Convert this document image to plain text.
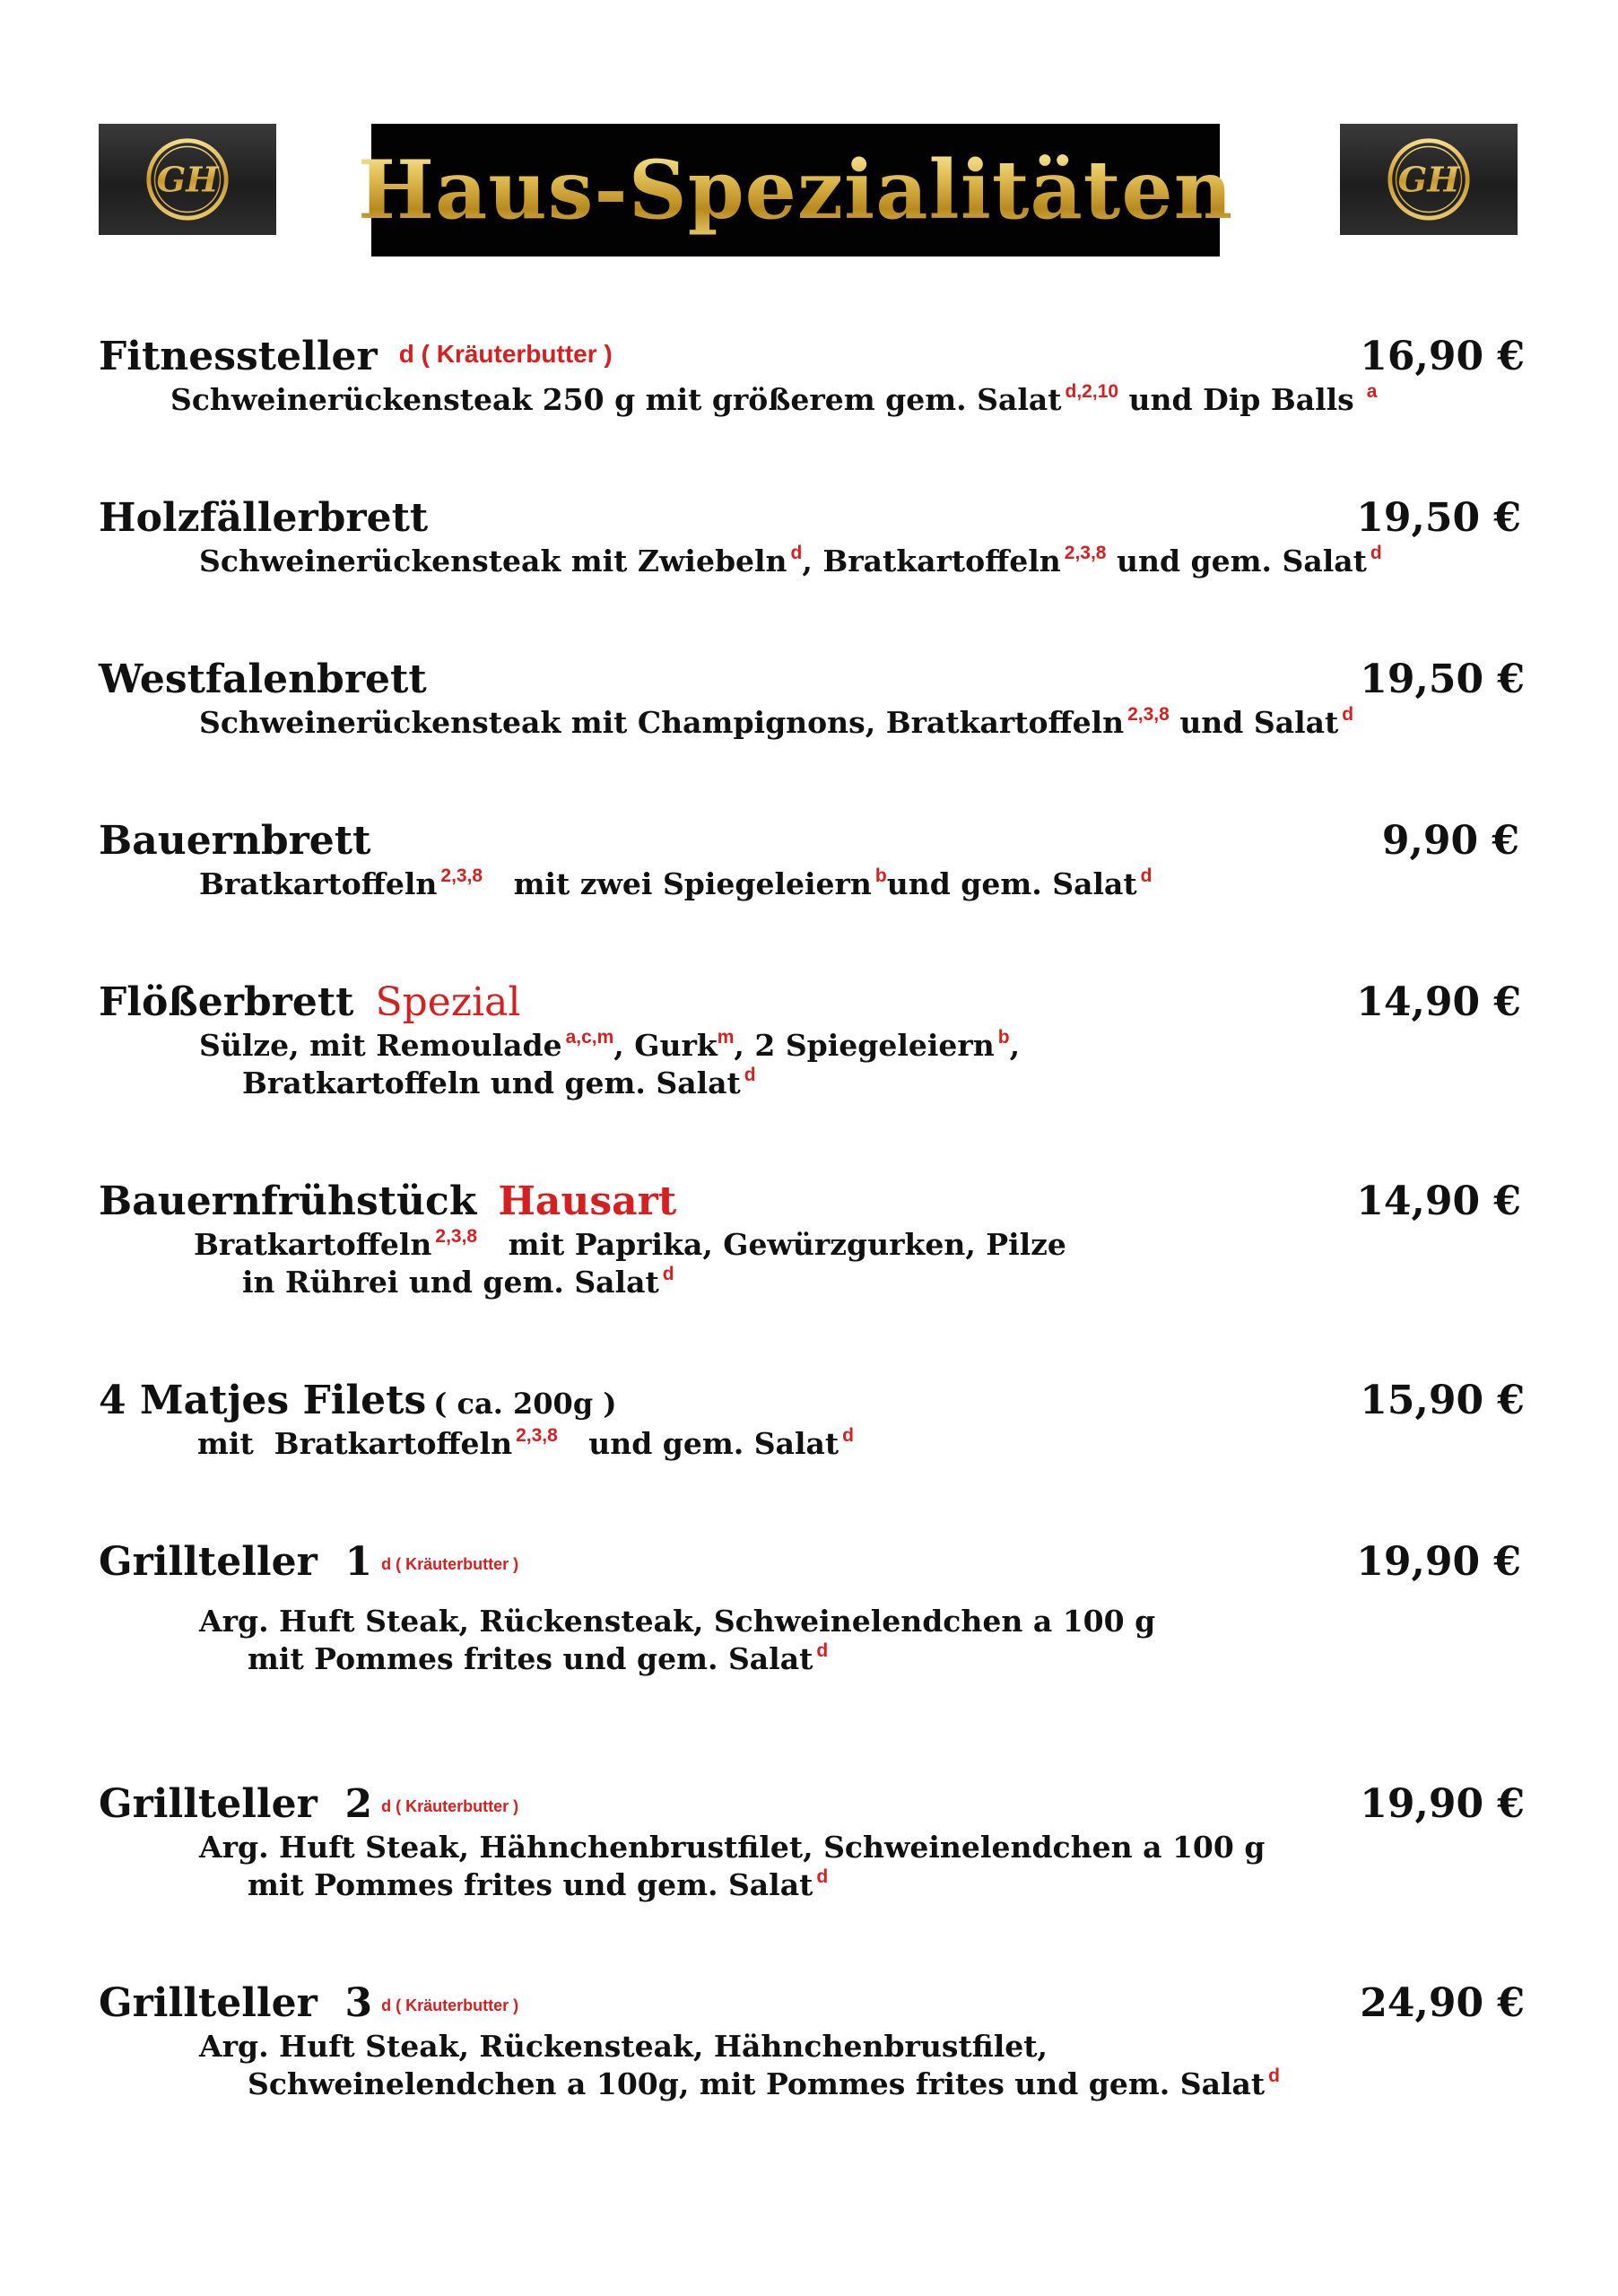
GH Haus-Spezialitäten	GH
Fitnessteller d ( Kräuterbutter )	16,90 €
Schweinerückensteak 250 g mit größerem gem. Salat $^{d,2,10}$ und Dip Balls $^a$
Holzfällerbrett	19,50 €
Schweinerückensteak mit Zwiebeln $^d$, Bratkartoffeln $^{2,3,8}$ und gem. Salat $^d$
Westfalenbrett	19,50 €
Schweinerückensteak mit Champignons, Bratkartoffeln $^{2,3,8}$ und Salat $^d$
Bauernbrett	9,90 €
Bratkartoffeln $^{2,3,8}$   mit zwei Spiegeleiern $^b$und gem. Salat $^d$
Flößerbrett Spezial	14,90 €
Sülze, mit Remoulade $^{a,c,m}$, Gurk$^m$, 2 Spiegeleiern $^b$,
Bratkartoffeln und gem. Salat $^d$
Bauernfrühstück Hausart	14,90 €
Bratkartoffeln $^{2,3,8}$   mit Paprika, Gewürzgurken, Pilze
in Rührei und gem. Salat $^d$
4 Matjes Filets ( ca. 200g )	15,90 €
mit  Bratkartoffeln $^{2,3,8}$   und gem. Salat $^d$
Grillteller  1 d ( Kräuterbutter )	19,90 €
Arg. Huft Steak, Rückensteak, Schweinelendchen a 100 g
mit Pommes frites und gem. Salat $^d$
Grillteller  2 d ( Kräuterbutter )	19,90 €
Arg. Huft Steak, Hähnchenbrustfilet, Schweinelendchen a 100 g
mit Pommes frites und gem. Salat $^d$
Grillteller  3 d ( Kräuterbutter )	24,90 €
Arg. Huft Steak, Rückensteak, Hähnchenbrustfilet,
Schweinelendchen a 100g, mit Pommes frites und gem. Salat $^d$
